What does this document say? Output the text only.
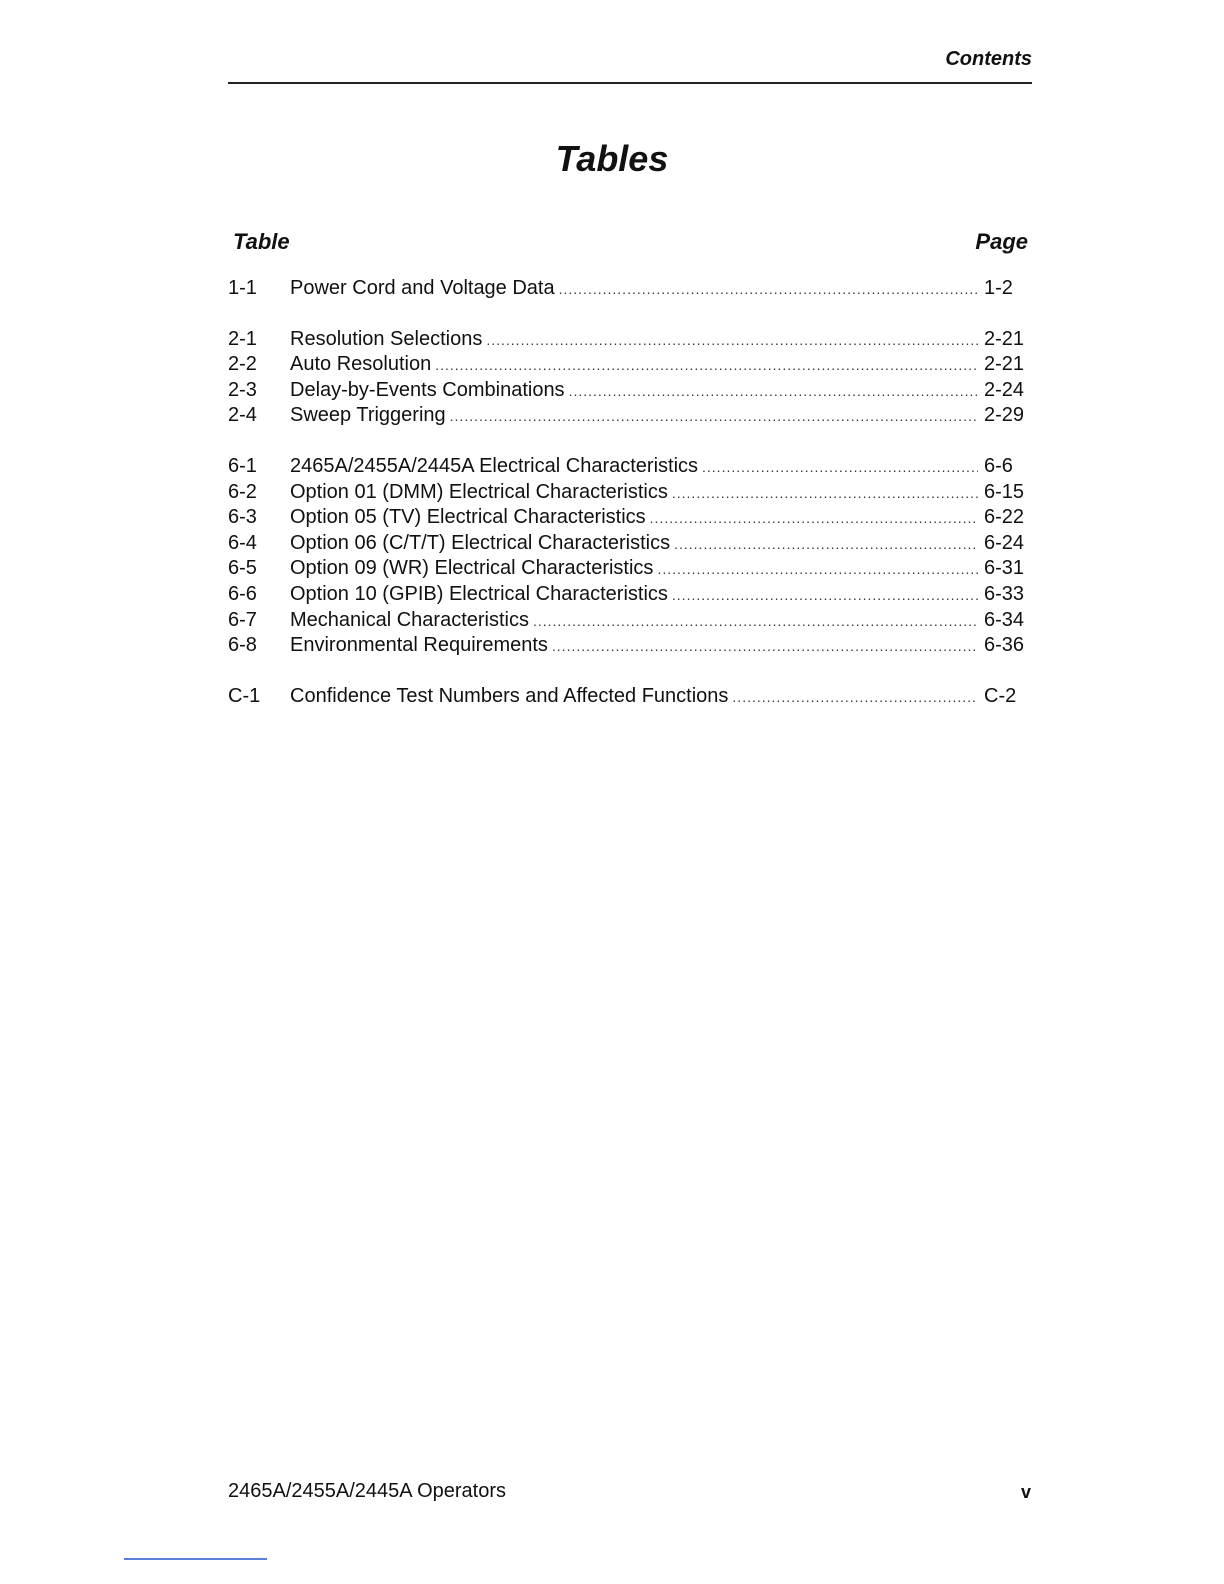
Contents
Tables
Table	Page
1-1	Power Cord and Voltage Data .....	1-2
2-1	Resolution Selections .....	2-21
2-2	Auto Resolution .....	2-21
2-3	Delay-by-Events Combinations .....	2-24
2-4	Sweep Triggering .....	2-29
6-1	2465A/2455A/2445A Electrical Characteristics .....	6-6
6-2	Option 01 (DMM) Electrical Characteristics .....	6-15
6-3	Option 05 (TV) Electrical Characteristics .....	6-22
6-4	Option 06 (C/T/T) Electrical Characteristics .....	6-24
6-5	Option 09 (WR) Electrical Characteristics .....	6-31
6-6	Option 10 (GPIB) Electrical Characteristics .....	6-33
6-7	Mechanical Characteristics .....	6-34
6-8	Environmental Requirements .....	6-36
C-1	Confidence Test Numbers and Affected Functions .....	C-2
2465A/2455A/2445A Operators	v
